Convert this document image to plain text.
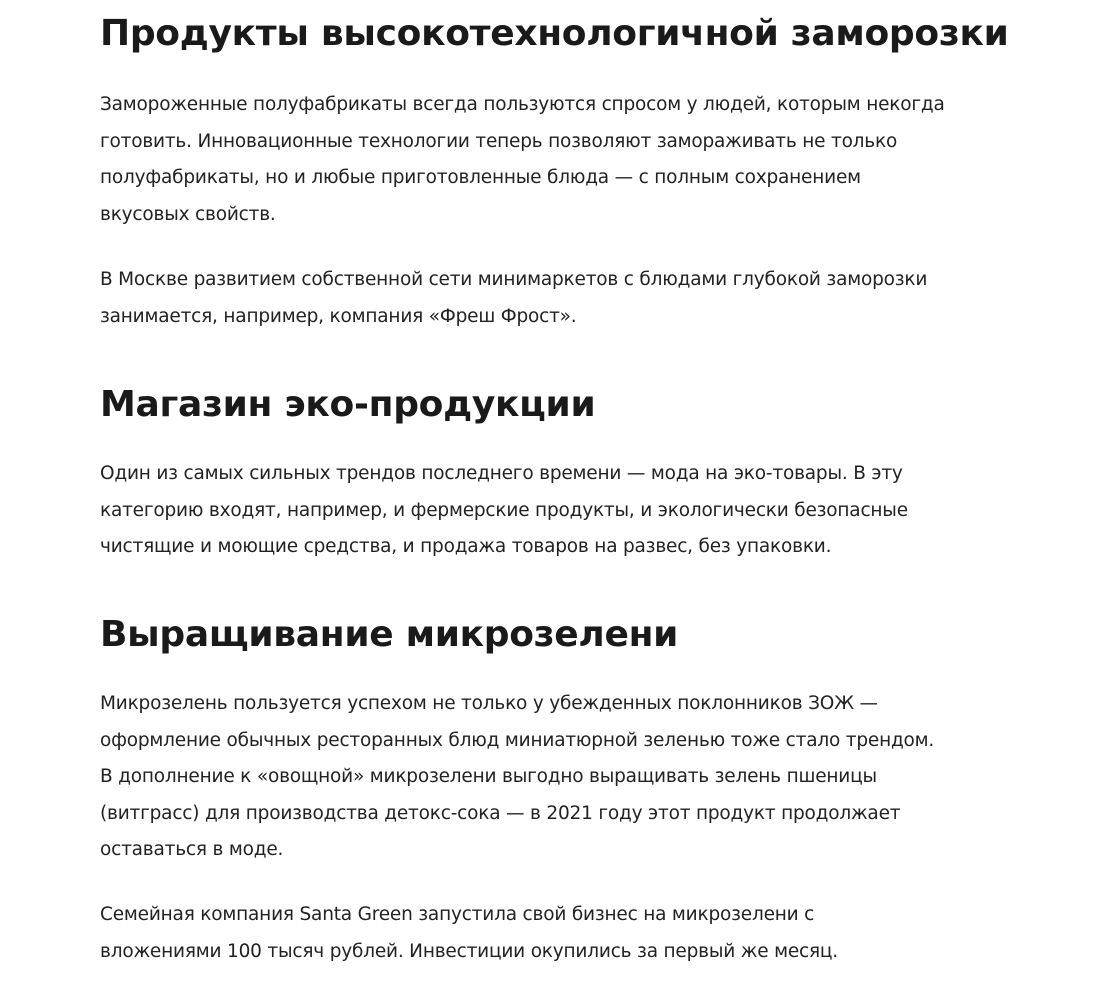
Продукты высокотехнологичной заморозки

Замороженные полуфабрикаты всегда пользуются спросом у людей, которым некогда
готовить. Инновационные технологии теперь позволяют замораживать не только
полуфабрикаты, но и любые приготовленные блюда — с полным сохранением
вкусовых свойств.

В Москве развитием собственной сети минимаркетов с блюдами глубокой заморозки
занимается, например, компания «Фреш Фрост».

Магазин эко-продукции

Один из самых сильных трендов последнего времени — мода на эко-товары. В эту
категорию входят, например, и фермерские продукты, и экологически безопасные
чистящие и моющие средства, и продажа товаров на развес, без упаковки.

Выращивание микрозелени

Микрозелень пользуется успехом не только у убежденных поклонников ЗОЖ —
оформление обычных ресторанных блюд миниатюрной зеленью тоже стало трендом.
В дополнение к «овощной» микрозелени выгодно выращивать зелень пшеницы
(витграсс) для производства детокс-сока — в 2021 году этот продукт продолжает
оставаться в моде.

Семейная компания Santa Green запустила свой бизнес на микрозелени с
вложениями 100 тысяч рублей. Инвестиции окупились за первый же месяц.
